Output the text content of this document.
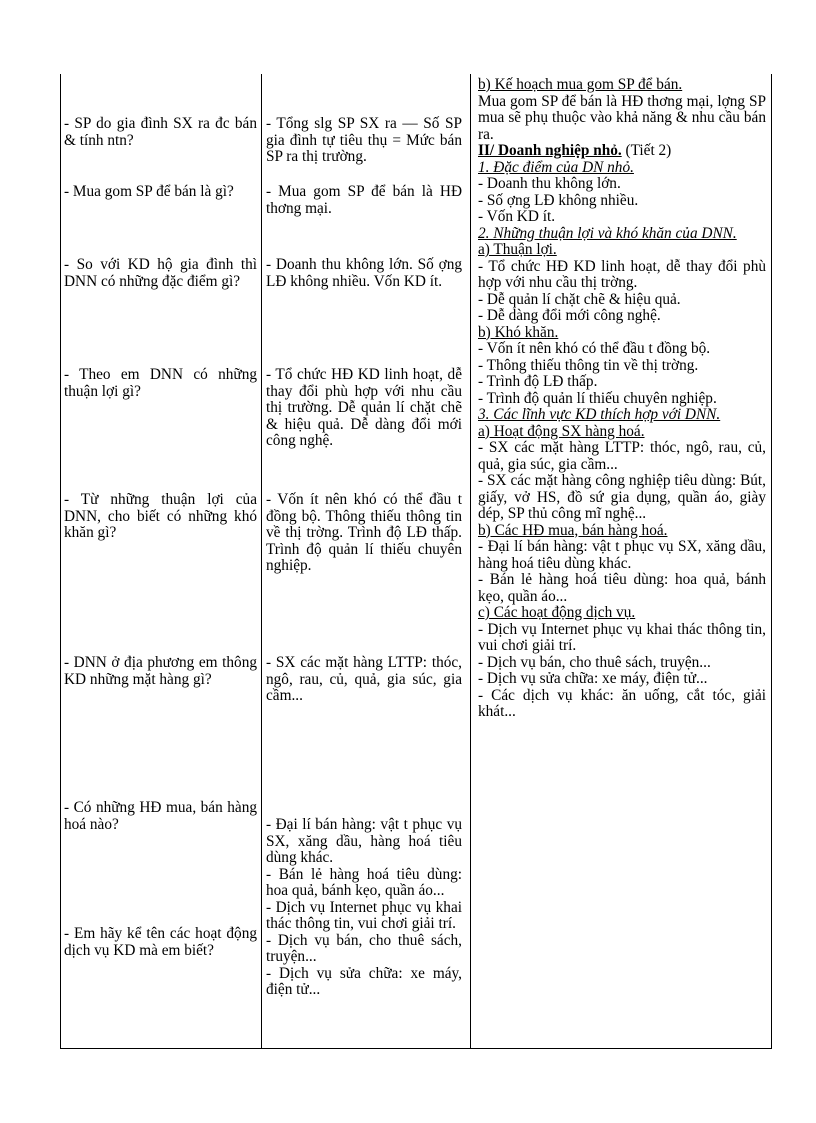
- SP do gia đình SX ra đc bán & tính ntn?

- Mua gom SP để bán là gì?

- So với KD hộ gia đình thì DNN có những đặc điểm gì?

- Theo em DNN có những thuận lợi gì?

- Từ những thuận lợi của DNN, cho biết có những khó khăn gì?

- DNN ở địa phương em thông KD những mặt hàng gì?

- Có những HĐ mua, bán hàng hoá nào?

- Em hãy kể tên các hoạt động dịch vụ KD mà em biết?

- Tổng slg SP SX ra — Số SP gia đình tự tiêu thụ = Mức bán SP ra thị trường.

- Mua gom SP để bán là HĐ thơng mại.

- Doanh thu không lớn. Số ợng LĐ không nhiều. Vốn KD ít.

- Tổ chức HĐ KD linh hoạt, dễ thay đổi phù hợp với nhu cầu thị trường. Dễ quản lí chặt chẽ & hiệu quả. Dễ dàng đổi mới công nghệ.

- Vốn ít nên khó có thể đầu t đồng bộ. Thông thiếu thông tin về thị trờng. Trình độ LĐ thấp. Trình độ quản lí thiếu chuyên nghiệp.

- SX các mặt hàng LTTP: thóc, ngô, rau, củ, quả, gia súc, gia cầm...

- Đại lí bán hàng: vật t phục vụ SX, xăng dầu, hàng hoá tiêu dùng khác.

- Bán lẻ hàng hoá tiêu dùng: hoa quả, bánh kẹo, quần áo...

- Dịch vụ Internet phục vụ khai thác thông tin, vui chơi giải trí.

- Dịch vụ bán, cho thuê sách, truyện...

- Dịch vụ sửa chữa: xe máy, điện tử...

b) Kế hoạch mua gom SP để bán.

Mua gom SP để bán là HĐ thơng mại, lợng SP mua sẽ phụ thuộc vào khả năng & nhu cầu bán ra.

II/ Doanh nghiệp nhỏ. (Tiết 2)

1. Đặc điểm của DN nhỏ.

- Doanh thu không lớn.

- Số ợng LĐ không nhiều.

- Vốn KD ít.

2. Những thuận lợi và khó khăn của DNN.

a) Thuận lợi.

- Tổ chức HĐ KD linh hoạt, dễ thay đổi phù hợp với nhu cầu thị trờng.

- Dễ quản lí chặt chẽ & hiệu quả.

- Dễ dàng đổi mới công nghệ.

b) Khó khăn.

- Vốn ít nên khó có thể đầu t đồng bộ.

- Thông thiếu thông tin về thị trờng.

- Trình độ LĐ thấp.

- Trình độ quản lí thiếu chuyên nghiệp.

3. Các lĩnh vực KD thích hợp với DNN.

a) Hoạt động SX hàng hoá.

- SX các mặt hàng LTTP: thóc, ngô, rau, củ, quả, gia súc, gia cầm...

- SX các mặt hàng công nghiệp tiêu dùng: Bút, giấy, vở HS, đồ sứ gia dụng, quần áo, giày dép, SP thủ công mĩ nghệ...

b) Các HĐ mua, bán hàng hoá.

- Đại lí bán hàng: vật t phục vụ SX, xăng dầu, hàng hoá tiêu dùng khác.

- Bán lẻ hàng hoá tiêu dùng: hoa quả, bánh kẹo, quần áo...

c) Các hoạt động dịch vụ.

- Dịch vụ Internet phục vụ khai thác thông tin, vui chơi giải trí.

- Dịch vụ bán, cho thuê sách, truyện...

- Dịch vụ sửa chữa: xe máy, điện tử...

- Các dịch vụ khác: ăn uống, cắt tóc, giải khát...
